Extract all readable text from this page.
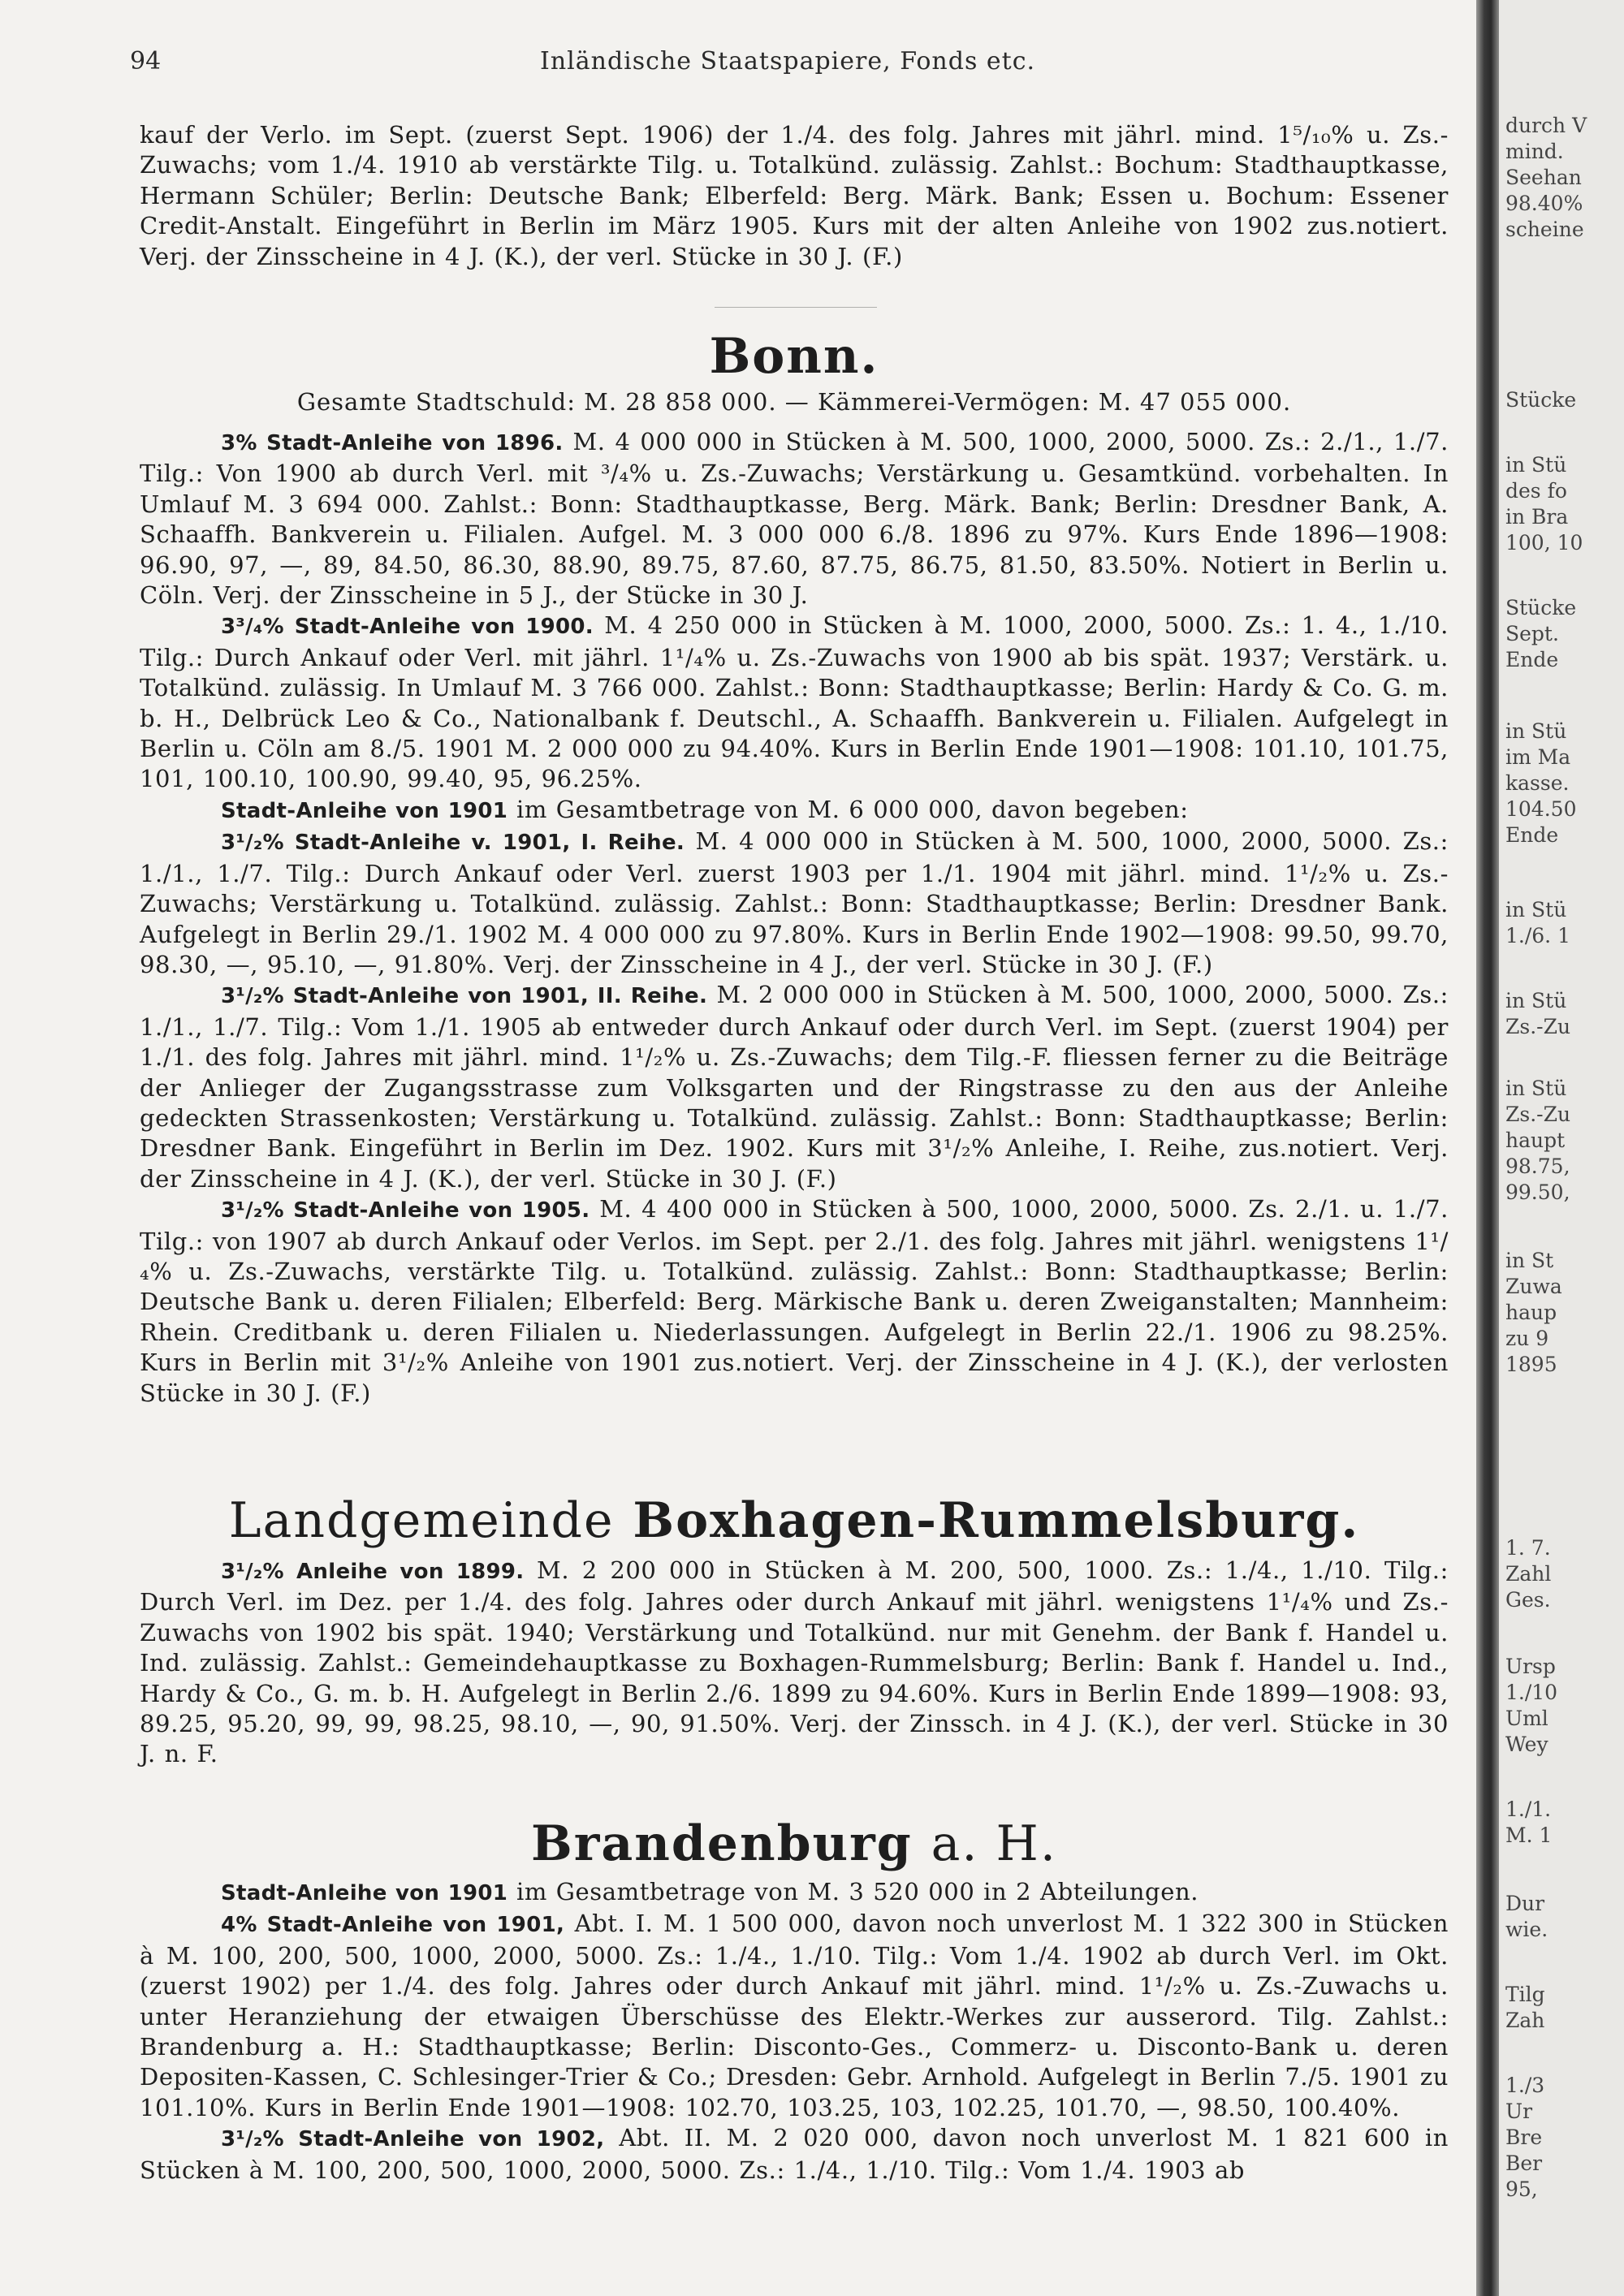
94	Inländische Staatspapiere, Fonds etc.

kauf der Verlo. im Sept. (zuerst Sept. 1906) der 1./4. des folg. Jahres mit jährl. mind. 1⁵/₁₀% u. Zs.-Zuwachs; vom 1./4. 1910 ab verstärkte Tilg. u. Totalkünd. zulässig. Zahlst.: Bochum: Stadthauptkasse, Hermann Schüler; Berlin: Deutsche Bank; Elberfeld: Berg. Märk. Bank; Essen u. Bochum: Essener Credit-Anstalt. Eingeführt in Berlin im März 1905. Kurs mit der alten Anleihe von 1902 zus.notiert. Verj. der Zinsscheine in 4 J. (K.), der verl. Stücke in 30 J. (F.)

Bonn.

Gesamte Stadtschuld: M. 28 858 000. — Kämmerei-Vermögen: M. 47 055 000.

3% Stadt-Anleihe von 1896. M. 4 000 000 in Stücken à M. 500, 1000, 2000, 5000. Zs.: 2./1., 1./7. Tilg.: Von 1900 ab durch Verl. mit ³/₄% u. Zs.-Zuwachs; Verstärkung u. Gesamtkünd. vorbehalten. In Umlauf M. 3 694 000. Zahlst.: Bonn: Stadthauptkasse, Berg. Märk. Bank; Berlin: Dresdner Bank, A. Schaaffh. Bankverein u. Filialen. Aufgel. M. 3 000 000 6./8. 1896 zu 97%. Kurs Ende 1896—1908: 96.90, 97, —, 89, 84.50, 86.30, 88.90, 89.75, 87.60, 87.75, 86.75, 81.50, 83.50%. Notiert in Berlin u. Cöln. Verj. der Zinsscheine in 5 J., der Stücke in 30 J.

3³/₄% Stadt-Anleihe von 1900. M. 4 250 000 in Stücken à M. 1000, 2000, 5000. Zs.: 1. 4., 1./10. Tilg.: Durch Ankauf oder Verl. mit jährl. 1¹/₄% u. Zs.-Zuwachs von 1900 ab bis spät. 1937; Verstärk. u. Totalkünd. zulässig. In Umlauf M. 3 766 000. Zahlst.: Bonn: Stadthauptkasse; Berlin: Hardy & Co. G. m. b. H., Delbrück Leo & Co., Nationalbank f. Deutschl., A. Schaaffh. Bankverein u. Filialen. Aufgelegt in Berlin u. Cöln am 8./5. 1901 M. 2 000 000 zu 94.40%. Kurs in Berlin Ende 1901—1908: 101.10, 101.75, 101, 100.10, 100.90, 99.40, 95, 96.25%.

Stadt-Anleihe von 1901 im Gesamtbetrage von M. 6 000 000, davon begeben:

3¹/₂% Stadt-Anleihe v. 1901, I. Reihe. M. 4 000 000 in Stücken à M. 500, 1000, 2000, 5000. Zs.: 1./1., 1./7. Tilg.: Durch Ankauf oder Verl. zuerst 1903 per 1./1. 1904 mit jährl. mind. 1¹/₂% u. Zs.-Zuwachs; Verstärkung u. Totalkünd. zulässig. Zahlst.: Bonn: Stadthauptkasse; Berlin: Dresdner Bank. Aufgelegt in Berlin 29./1. 1902 M. 4 000 000 zu 97.80%. Kurs in Berlin Ende 1902—1908: 99.50, 99.70, 98.30, —, 95.10, —, 91.80%. Verj. der Zinsscheine in 4 J., der verl. Stücke in 30 J. (F.)

3¹/₂% Stadt-Anleihe von 1901, II. Reihe. M. 2 000 000 in Stücken à M. 500, 1000, 2000, 5000. Zs.: 1./1., 1./7. Tilg.: Vom 1./1. 1905 ab entweder durch Ankauf oder durch Verl. im Sept. (zuerst 1904) per 1./1. des folg. Jahres mit jährl. mind. 1¹/₂% u. Zs.-Zuwachs; dem Tilg.-F. fliessen ferner zu die Beiträge der Anlieger der Zugangsstrasse zum Volksgarten und der Ringstrasse zu den aus der Anleihe gedeckten Strassenkosten; Verstärkung u. Totalkünd. zulässig. Zahlst.: Bonn: Stadthauptkasse; Berlin: Dresdner Bank. Eingeführt in Berlin im Dez. 1902. Kurs mit 3¹/₂% Anleihe, I. Reihe, zus.notiert. Verj. der Zinsscheine in 4 J. (K.), der verl. Stücke in 30 J. (F.)

3¹/₂% Stadt-Anleihe von 1905. M. 4 400 000 in Stücken à 500, 1000, 2000, 5000. Zs. 2./1. u. 1./7. Tilg.: von 1907 ab durch Ankauf oder Verlos. im Sept. per 2./1. des folg. Jahres mit jährl. wenigstens 1¹/₄% u. Zs.-Zuwachs, verstärkte Tilg. u. Totalkünd. zulässig. Zahlst.: Bonn: Stadthauptkasse; Berlin: Deutsche Bank u. deren Filialen; Elberfeld: Berg. Märkische Bank u. deren Zweiganstalten; Mannheim: Rhein. Creditbank u. deren Filialen u. Niederlassungen. Aufgelegt in Berlin 22./1. 1906 zu 98.25%. Kurs in Berlin mit 3¹/₂% Anleihe von 1901 zus.notiert. Verj. der Zinsscheine in 4 J. (K.), der verlosten Stücke in 30 J. (F.)

Landgemeinde Boxhagen-Rummelsburg.

3¹/₂% Anleihe von 1899. M. 2 200 000 in Stücken à M. 200, 500, 1000. Zs.: 1./4., 1./10. Tilg.: Durch Verl. im Dez. per 1./4. des folg. Jahres oder durch Ankauf mit jährl. wenigstens 1¹/₄% und Zs.-Zuwachs von 1902 bis spät. 1940; Verstärkung und Totalkünd. nur mit Genehm. der Bank f. Handel u. Ind. zulässig. Zahlst.: Gemeindehauptkasse zu Boxhagen-Rummelsburg; Berlin: Bank f. Handel u. Ind., Hardy & Co., G. m. b. H. Aufgelegt in Berlin 2./6. 1899 zu 94.60%. Kurs in Berlin Ende 1899—1908: 93, 89.25, 95.20, 99, 99, 98.25, 98.10, —, 90, 91.50%. Verj. der Zinssch. in 4 J. (K.), der verl. Stücke in 30 J. n. F.

Brandenburg a. H.

Stadt-Anleihe von 1901 im Gesamtbetrage von M. 3 520 000 in 2 Abteilungen.

4% Stadt-Anleihe von 1901, Abt. I. M. 1 500 000, davon noch unverlost M. 1 322 300 in Stücken à M. 100, 200, 500, 1000, 2000, 5000. Zs.: 1./4., 1./10. Tilg.: Vom 1./4. 1902 ab durch Verl. im Okt. (zuerst 1902) per 1./4. des folg. Jahres oder durch Ankauf mit jährl. mind. 1¹/₂% u. Zs.-Zuwachs u. unter Heranziehung der etwaigen Überschüsse des Elektr.-Werkes zur ausserord. Tilg. Zahlst.: Brandenburg a. H.: Stadthauptkasse; Berlin: Disconto-Ges., Commerz- u. Disconto-Bank u. deren Depositen-Kassen, C. Schlesinger-Trier & Co.; Dresden: Gebr. Arnhold. Aufgelegt in Berlin 7./5. 1901 zu 101.10%. Kurs in Berlin Ende 1901—1908: 102.70, 103.25, 103, 102.25, 101.70, —, 98.50, 100.40%.

3¹/₂% Stadt-Anleihe von 1902, Abt. II. M. 2 020 000, davon noch unverlost M. 1 821 600 in Stücken à M. 100, 200, 500, 1000, 2000, 5000. Zs.: 1./4., 1./10. Tilg.: Vom 1./4. 1903 ab

durch V
mind.
Seehan
98.40%
scheine
Stücke
in Stü
des fo
in Bra
100, 10
Stücke
Sept.
Ende
in Stü
im Ma
kasse.
104.50
Ende
in Stü
1./6. 1
in Stü
Zs.-Zu
in Stü
Zs.-Zu
haupt
98.75,
99.50,
in St
Zuwa
haup
zu 9
1895
1. 7.
Zahl
Ges.
Ursp
1./10
Uml
Wey
1./1.
M. 1
Dur
wie.
Tilg
Zah
1./3
Ur
Bre
Ber
95,
